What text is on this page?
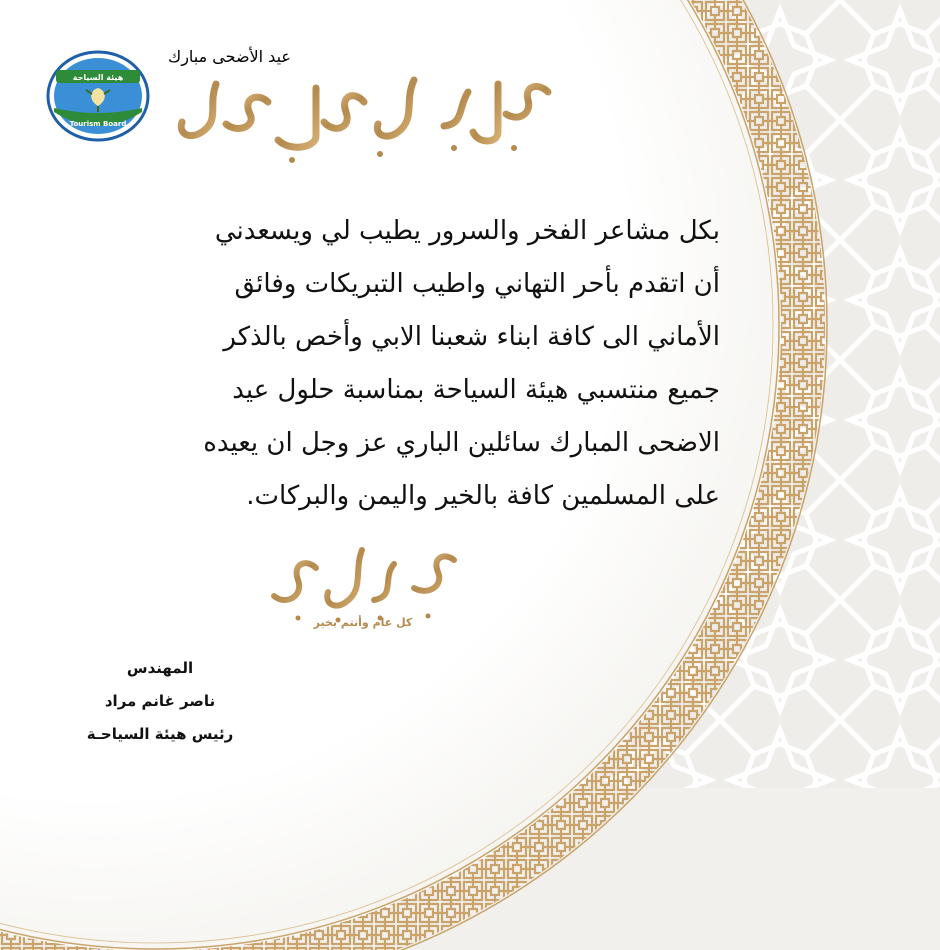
هيئة السياحة
Tourism Board
عيد الأضحى مبارك
بكل مشاعر الفخر والسرور يطيب لي ويسعدني
أن اتقدم بأحر التهاني واطيب التبريكات وفائق
الأماني الى كافة ابناء شعبنا الابي وأخص بالذكر
جميع منتسبي هيئة السياحة بمناسبة حلول عيد
الاضحى المبارك سائلين الباري عز وجل ان يعيده
على المسلمين كافة بالخير واليمن والبركات.
كل عام وأنتم بخير
المهندس
ناصر غانم مراد
رئيس هيئة السياحـة
